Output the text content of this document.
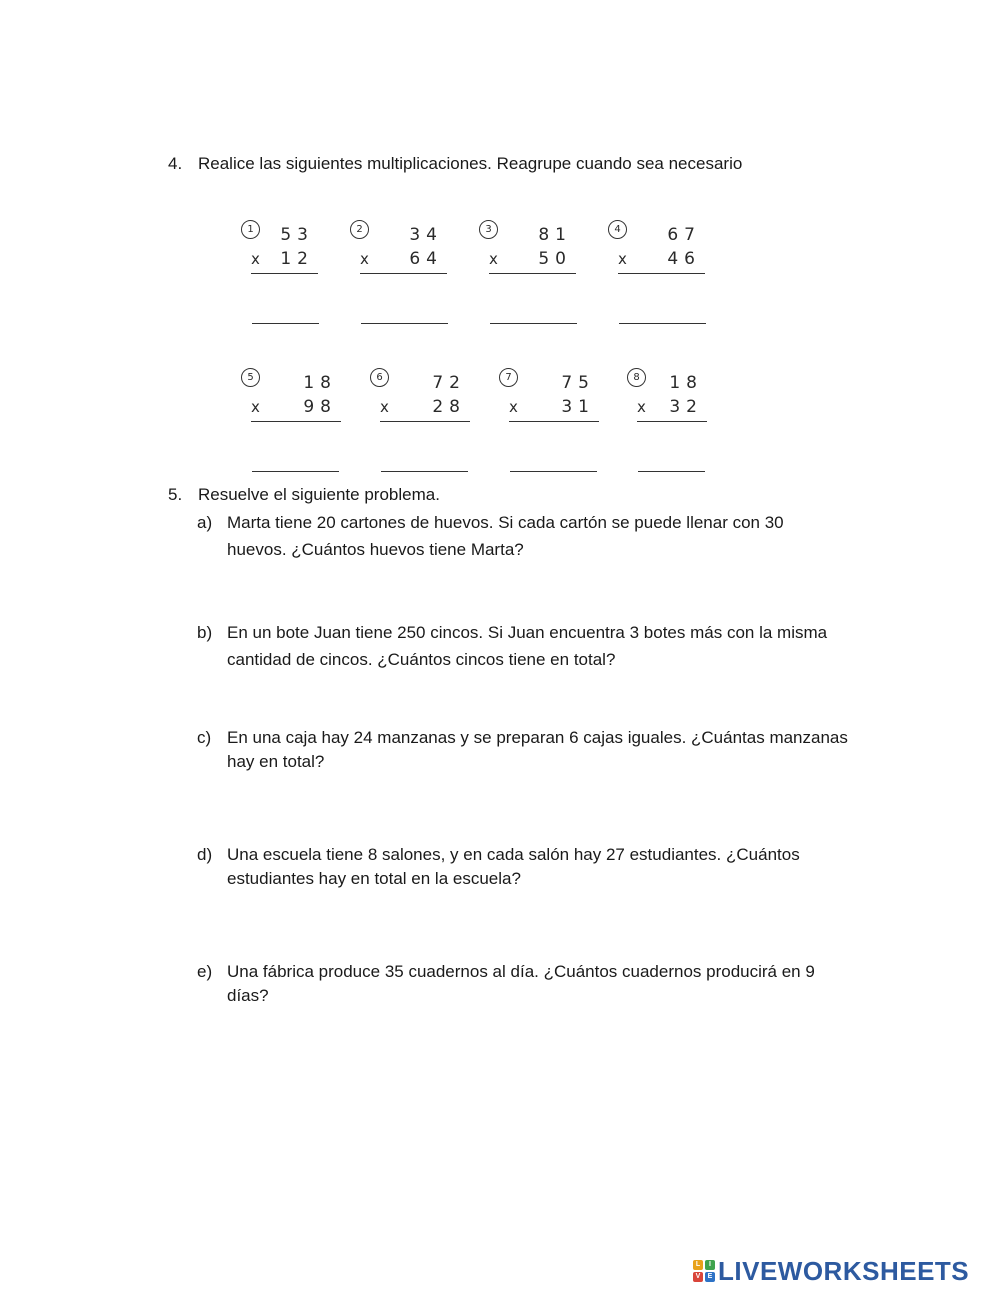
4. Realice las siguientes multiplicaciones. Reagrupe cuando sea necesario
1	53
x 12
2	34
x 64
3	81
x 50
4	67
x 46
5	18
x	98
6	72
x	28
7	75
x	31
8	18
x 32
5. Resuelve el siguiente problema.
a) Marta tiene 20 cartones de huevos. Si cada cartón se puede llenar con 30
huevos. ¿Cuántos huevos tiene Marta?
b) En un bote Juan tiene 250 cincos. Si Juan encuentra 3 botes más con la misma
cantidad de cincos. ¿Cuántos cincos tiene en total?
c) En una caja hay 24 manzanas y se preparan 6 cajas iguales. ¿Cuántas manzanas
hay en total?
d) Una escuela tiene 8 salones, y en cada salón hay 27 estudiantes. ¿Cuántos
estudiantes hay en total en la escuela?
e) Una fábrica produce 35 cuadernos al día. ¿Cuántos cuadernos producirá en 9
días?
L	I
V	E LIVEWORKSHEETS
